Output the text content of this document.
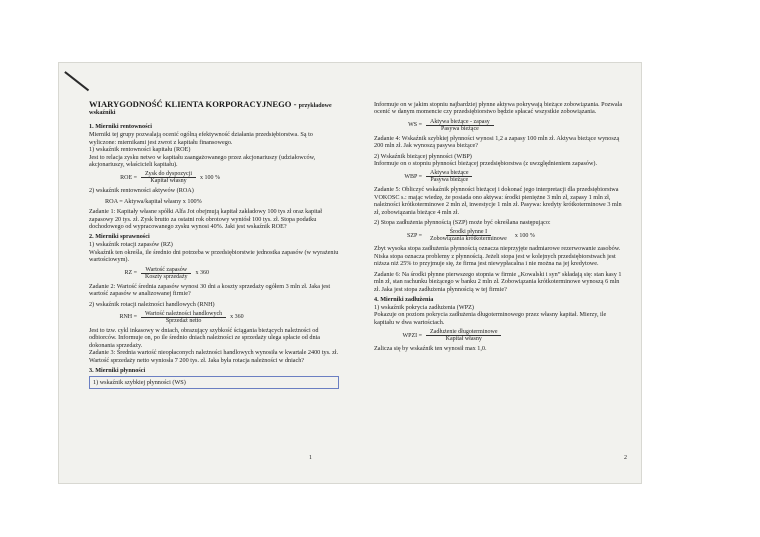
WIARYGODNOŚĆ KLIENTA KORPORACYJNEGO - przykładowe

wskaźniki

1. Mierniki rentowności

Mierniki tej grupy pozwalają ocenić ogólną efektywność działania przedsiębiorstwa. Są to wyliczone: miernikami jest zwrot z kapitału finansowego.

1) wskaźnik rentowności kapitału (ROE)

Jest to relacja zysku netwo w kapitału zaangażowanego przez akcjonariuszy (udziałowców, akcjonariuszy, właścicieli kapitału).

ROE = $\frac{\text{Zysk do dyspozycji}}{\text{Kapitał własny}}$ x 100 %

2) wskaźnik rentowności aktywów (ROA)

ROA = Aktywa/kapitał własny x 100%

Zadanie 1: Kapitały własne spółki Alfa Jot obejmują kapitał zakładowy 100 tys zł oraz kapitał zapasowy 20 tys. zł. Zysk brutto za ostatni rok obrotowy wyniósł 100 tys. zł. Stopa podatku dochodowego od wypracowanego zysku wynosi 40%. Jaki jest wskaźnik ROE?

2. Mierniki sprawności

1) wskaźnik rotacji zapasów (RZ)

Wskaźnik ten określa, ile średnio dni potrzeba w przedsiębiorstwie jednostka zapasów (w wyrażeniu wartościowym).

RZ = $\frac{\text{Wartość zapasów}}{\text{Koszty sprzedaży}}$ x 360

Zadanie 2: Wartość średnia zapasów wynosi 30 dni a koszty sprzedaży ogółem 3 mln zł. Jaka jest wartość zapasów w analizowanej firmie?

2) wskaźnik rotacji należności handlowych (RNH)

RNH = $\frac{\text{Wartość należności handlowych}}{\text{Sprzedaż netto}}$ x 360

Jest to tzw. cykl inkasowy w dniach, obrazujący szybkość ściągania bieżących należności od odbiorców. Informuje on, po ile średnio dniach należności ze sprzedaży ulega spłacie od dnia dokonania sprzedaży.

Zadanie 3: Średnia wartość nieopłaconych należności handlowych wynosiła w kwartale 2400 tys. zł. Wartość sprzedaży netto wyniosła 7 200 tys. zł. Jaka była rotacja należności w dniach?

3. Mierniki płynności

1) wskaźnik szybkiej płynności (WS)

1

Informuje on w jakim stopniu najbardziej płynne aktywa pokrywają bieżące zobowiązania. Pozwala ocenić w danym momencie czy przedsiębiorstwo będzie spłacać wszystkie zobowiązania.

WS = $\frac{\text{Aktywa bieżące - zapasy}}{\text{Pasywa bieżące}}$

Zadanie 4: Wskaźnik szybkiej płynności wynosi 1,2 a zapasy 100 mln zł. Aktywa bieżące wynoszą 200 mln zł. Jak wynoszą pasywa bieżące?

2) Wskaźnik bieżącej płynności (WBP)

Informuje on o stopniu płynności bieżącej przedsiębiorstwa (z uwzględnieniem zapasów).

WBP = $\frac{\text{Aktywa bieżące}}{\text{Pasywa bieżące}}$

Zadanie 5: Obliczyć wskaźnik płynności bieżącej i dokonać jego interpretacji dla przedsiębiorstwa VOKOSC s.: mając wiedzę, że posiada ono aktywa: środki pieniężne 3 mln zł, zapasy 1 mln zł, należności krótkoterminowe 2 mln zł, inwestycje 1 mln zł. Pasywa: kredyty krótkoterminowe 3 mln zł, zobowiązania bieżące 4 mln zł.

2) Stopa zadłużenia płynnością (SZP) może być określana następująco:

SZP = $\frac{\text{Środki płynne I}}{\text{Zobowiązania krótkoterminowe}}$ x 100 %

Zbyt wysoka stopa zadłużenia płynnością oznacza nieprzyjęte nadmiarowe rezerwowanie zasobów. Niska stopa oznacza problemy z płynnością. Jeżeli stopa jest w kolejnych przedsiębiorstwach jest niższa niż 25% to przyjmuje się, że firma jest niewypłacalna i nie można na jej kredytowe.

Zadanie 6: Na środki płynne pierwszego stopnia w firmie „Kowalski i syn” składają się: stan kasy 1 mln zł, stan rachunku bieżącego w banku 2 mln zł. Zobowiązania krótkoterminowe wynoszą 6 mln zł. Jaka jest stopa zadłużenia płynnością w tej firmie?

4. Mierniki zadłużenia

1) wskaźnik pokrycia zadłużenia (WPZ)

Pokazuje on poziom pokrycia zadłużenia długoterminowego przez własny kapitał. Mierzy, ile kapitału w dwa wartościach.

WPZI = $\frac{\text{Zadłużenie długoterminowe}}{\text{Kapitał własny}}$

Zalicza się by wskaźnik ten wynosił max 1,0.

2
